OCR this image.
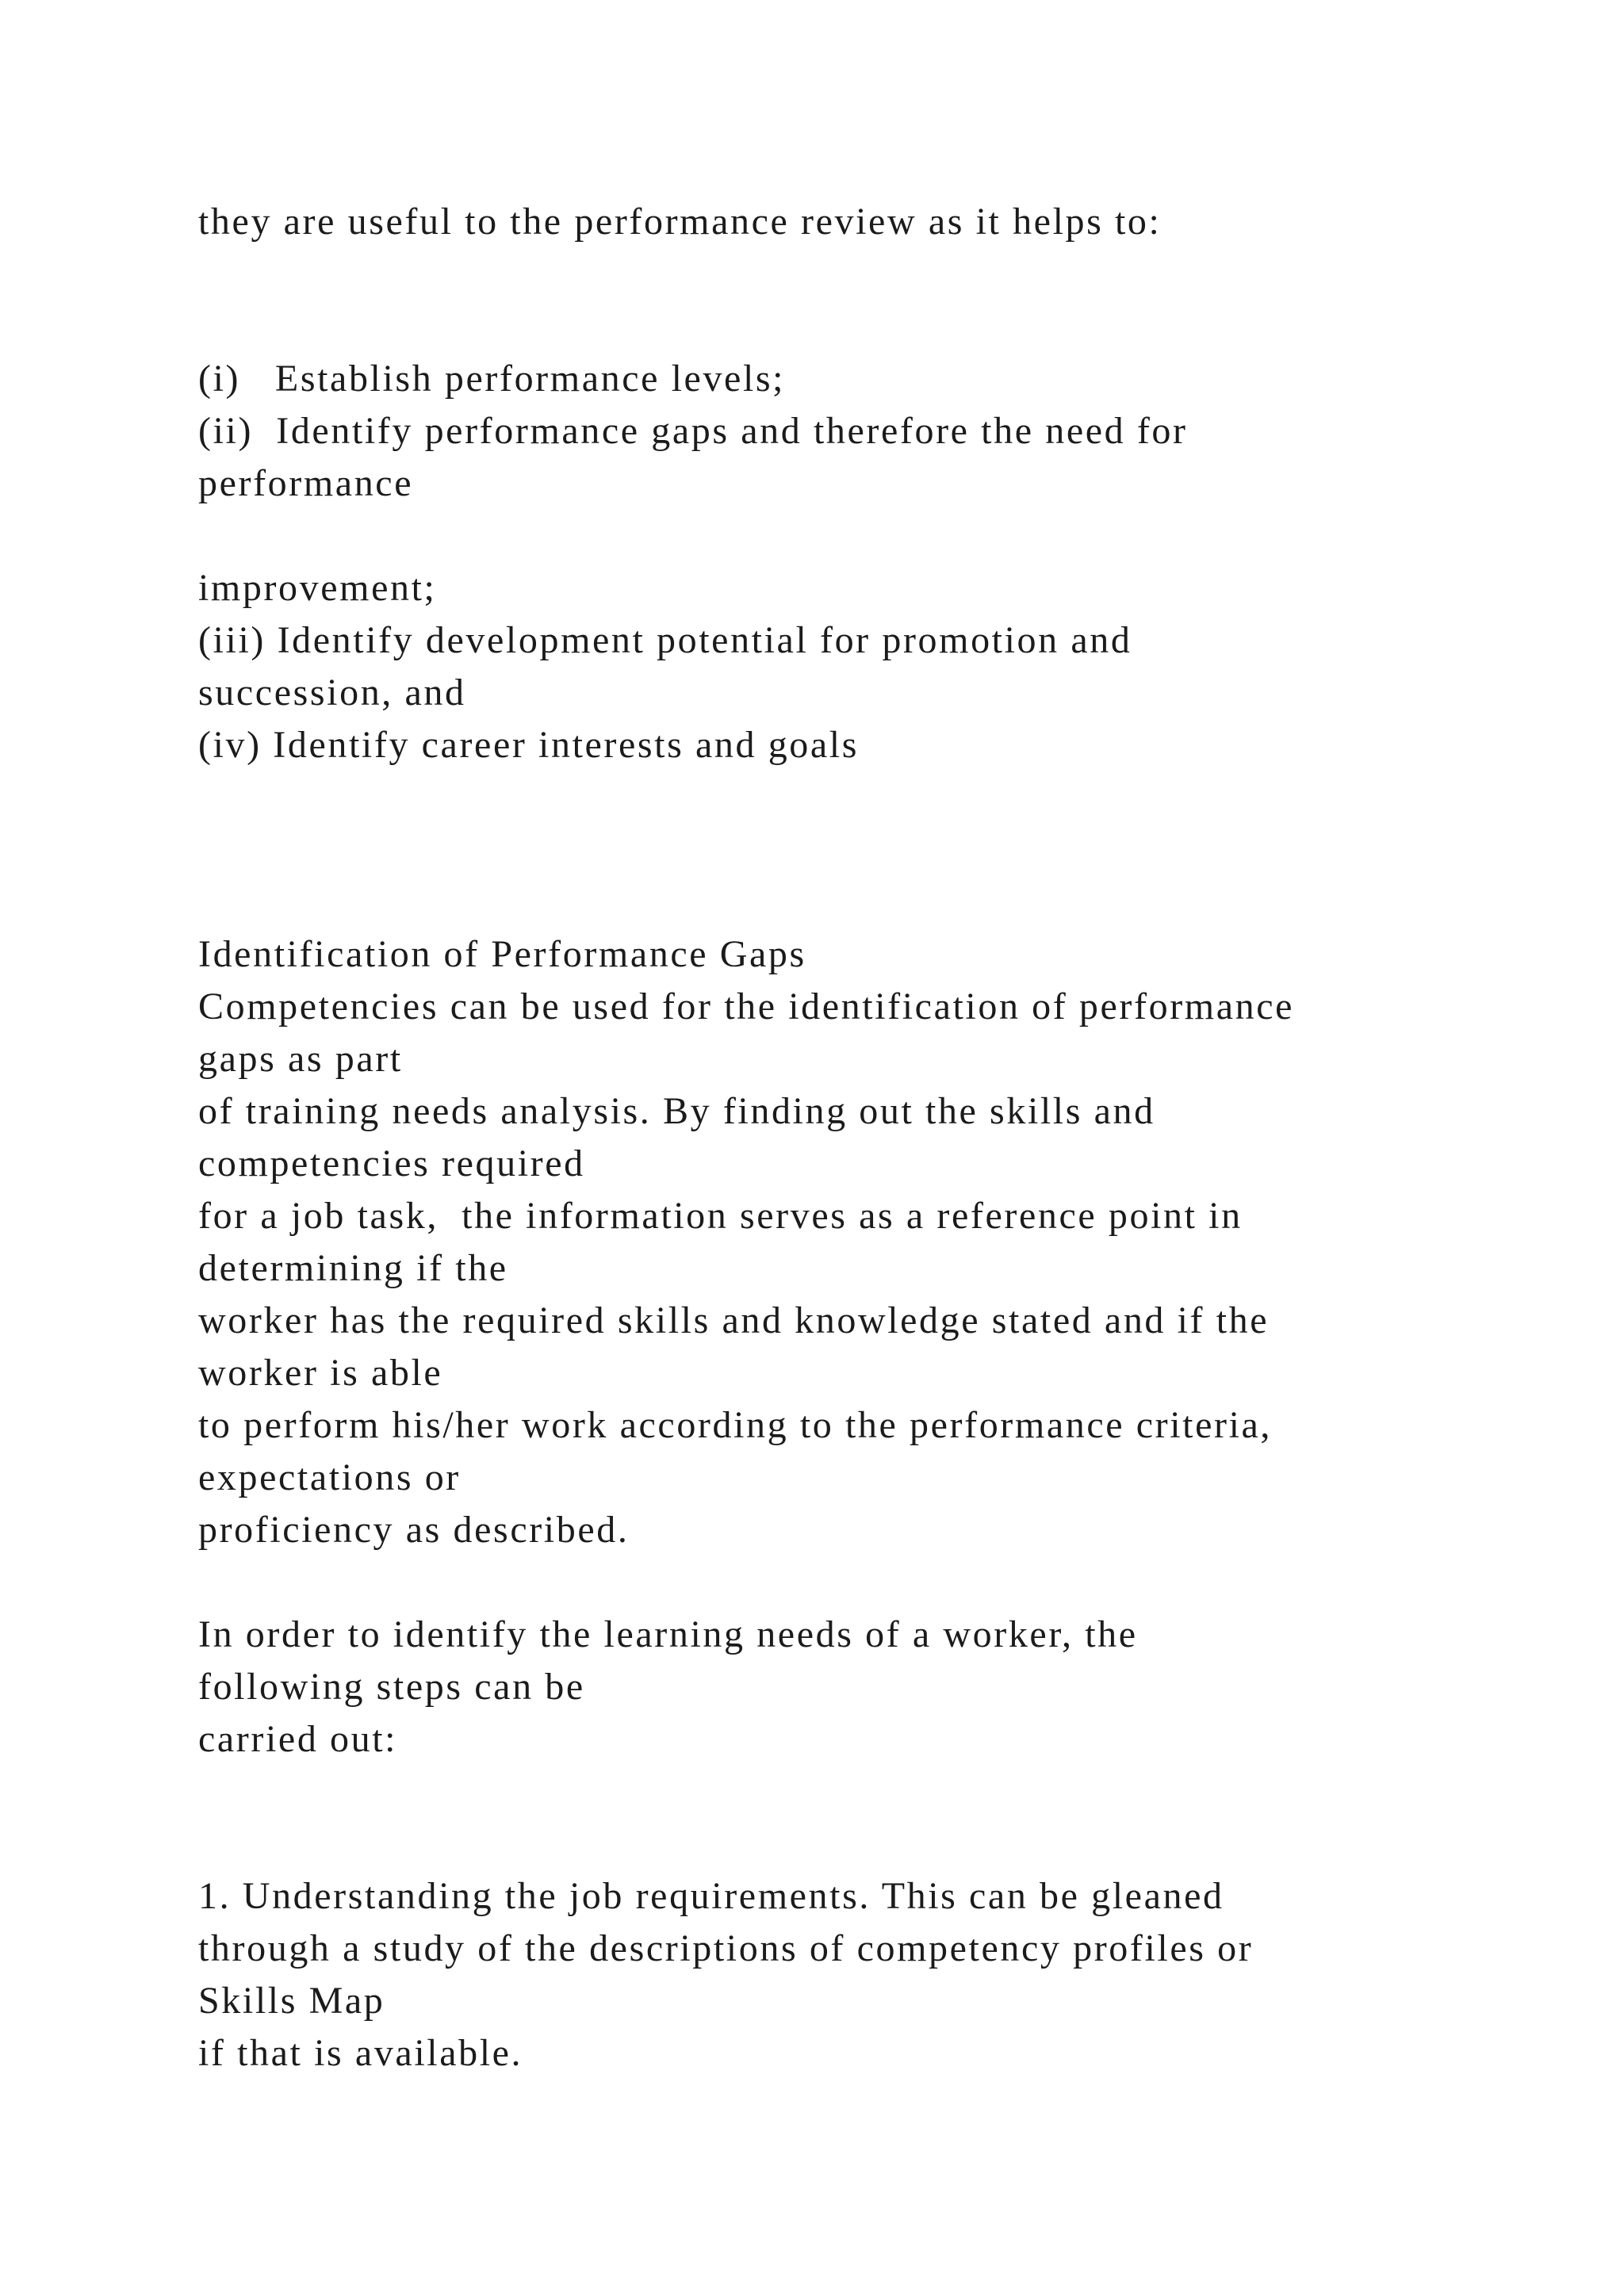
they are useful to the performance review as it helps to:

(i)   Establish performance levels;

(ii)  Identify performance gaps and therefore the need for

performance

improvement;

(iii) Identify development potential for promotion and

succession, and

(iv) Identify career interests and goals

Identification of Performance Gaps

Competencies can be used for the identification of performance

gaps as part

of training needs analysis. By finding out the skills and

competencies required

for a job task,  the information serves as a reference point in

determining if the

worker has the required skills and knowledge stated and if the

worker is able

to perform his/her work according to the performance criteria,

expectations or

proficiency as described.

In order to identify the learning needs of a worker, the

following steps can be

carried out:

1. Understanding the job requirements. This can be gleaned

through a study of the descriptions of competency profiles or

Skills Map

if that is available.
